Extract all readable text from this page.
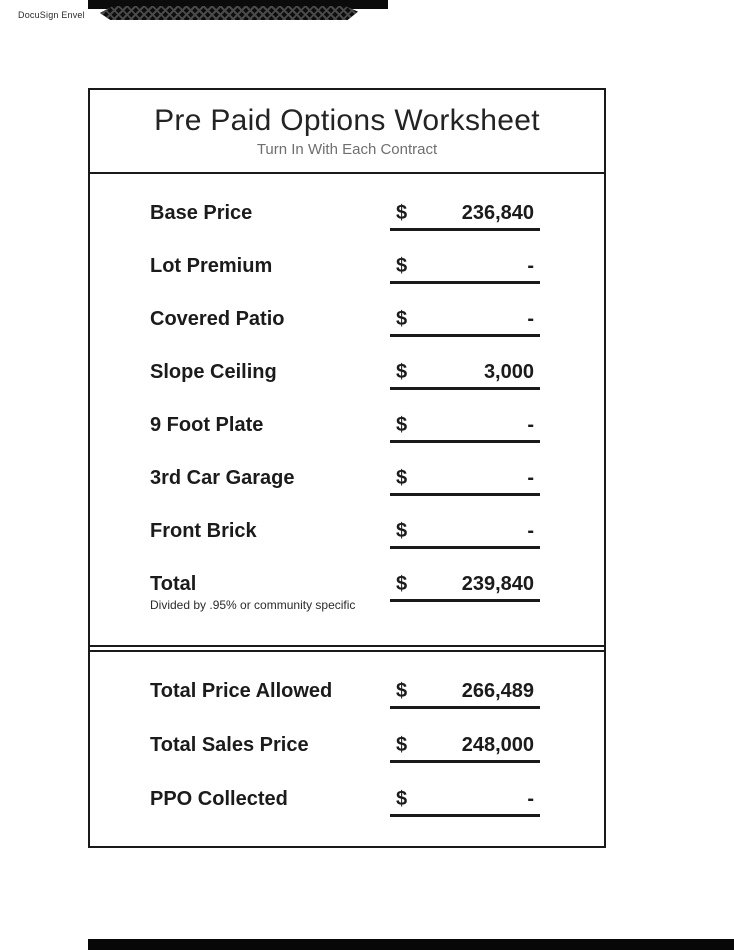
DocuSign Envel
Pre Paid Options Worksheet
Turn In With Each Contract
Base Price	$	236,840
Lot Premium	$	-
Covered Patio	$	-
Slope Ceiling	$	3,000
9 Foot Plate	$	-
3rd Car Garage	$	-
Front Brick	$	-
Total	$	239,840
Divided by .95% or community specific
Total Price Allowed	$	266,489
Total Sales Price	$	248,000
PPO Collected	$	-
